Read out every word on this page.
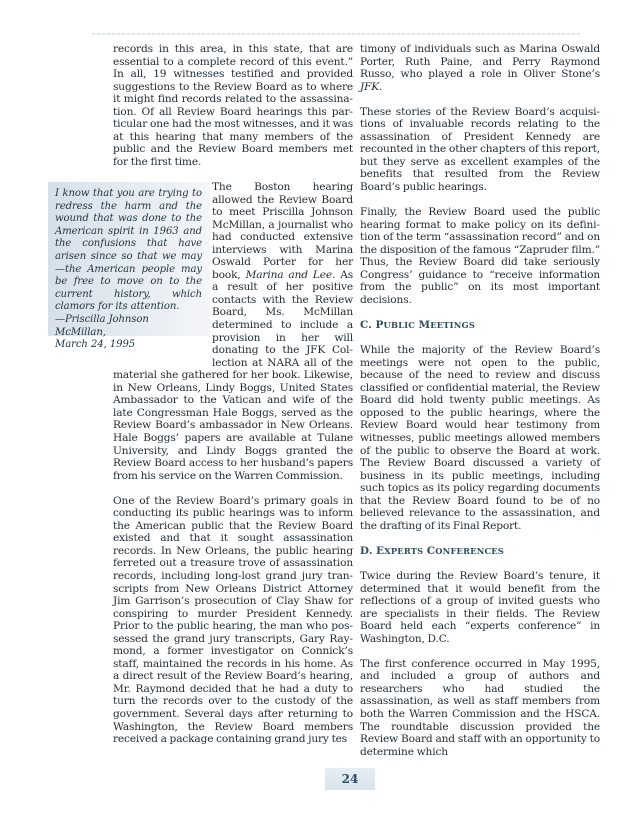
records in this area, in this state, that are essential to a complete record of this event.” In all, 19 witnesses testified and provided suggestions to the Review Board as to where it might find records related to the assassination. Of all Review Board hearings this particular one had the most witnesses, and it was at this hearing that many members of the public and the Review Board members met for the first time.

The Boston hearing allowed the Review Board to meet Priscilla Johnson McMillan, a journalist who had conducted extensive interviews with Marina Oswald Porter for her book, Marina and Lee. As a result of her positive contacts with the Review Board, Ms. McMillan determined to include a provision in her will donating to the JFK Collection at NARA all of the material she gathered for her book. Likewise, in New Orleans, Lindy Boggs, United States Ambassador to the Vatican and wife of the late Congressman Hale Boggs, served as the Review Board’s ambassador in New Orleans. Hale Boggs’ papers are available at Tulane University, and Lindy Boggs granted the Review Board access to her husband’s papers from his service on the Warren Commission.

One of the Review Board’s primary goals in conducting its public hearings was to inform the American public that the Review Board existed and that it sought assassination records. In New Orleans, the public hearing ferreted out a treasure trove of assassination records, including long-lost grand jury transcripts from New Orleans District Attorney Jim Garrison’s prosecution of Clay Shaw for conspiring to murder President Kennedy. Prior to the public hearing, the man who possessed the grand jury transcripts, Gary Raymond, a former investigator on Connick’s staff, maintained the records in his home. As a direct result of the Review Board’s hearing, Mr. Raymond decided that he had a duty to turn the records over to the custody of the government. Several days after returning to Washington, the Review Board members received a package containing grand jury tes

I know that you are trying to redress the harm and the wound that was done to the American spirit in 1963 and the confusions that have arisen since so that we may—the American people may be free to move on to the current history, which clamors for its attention.
—Priscilla Johnson McMillan,
March 24, 1995

timony of individuals such as Marina Oswald Porter, Ruth Paine, and Perry Raymond Russo, who played a role in Oliver Stone’s JFK.

These stories of the Review Board’s acquisitions of invaluable records relating to the assassination of President Kennedy are recounted in the other chapters of this report, but they serve as excellent examples of the benefits that resulted from the Review Board’s public hearings.

Finally, the Review Board used the public hearing format to make policy on its definition of the term “assassination record” and on the disposition of the famous “Zapruder film.” Thus, the Review Board did take seriously Congress’ guidance to “receive information from the public” on its most important decisions.

C. PUBLIC MEETINGS

While the majority of the Review Board’s meetings were not open to the public, because of the need to review and discuss classified or confidential material, the Review Board did hold twenty public meetings. As opposed to the public hearings, where the Review Board would hear testimony from witnesses, public meetings allowed members of the public to observe the Board at work. The Review Board discussed a variety of business in its public meetings, including such topics as its policy regarding documents that the Review Board found to be of no believed relevance to the assassination, and the drafting of its Final Report.

D. EXPERTS CONFERENCES

Twice during the Review Board’s tenure, it determined that it would benefit from the reflections of a group of invited guests who are specialists in their fields. The Review Board held each “experts conference” in Washington, D.C.

The first conference occurred in May 1995, and included a group of authors and researchers who had studied the assassination, as well as staff members from both the Warren Commission and the HSCA. The roundtable discussion provided the Review Board and staff with an opportunity to determine which

24
